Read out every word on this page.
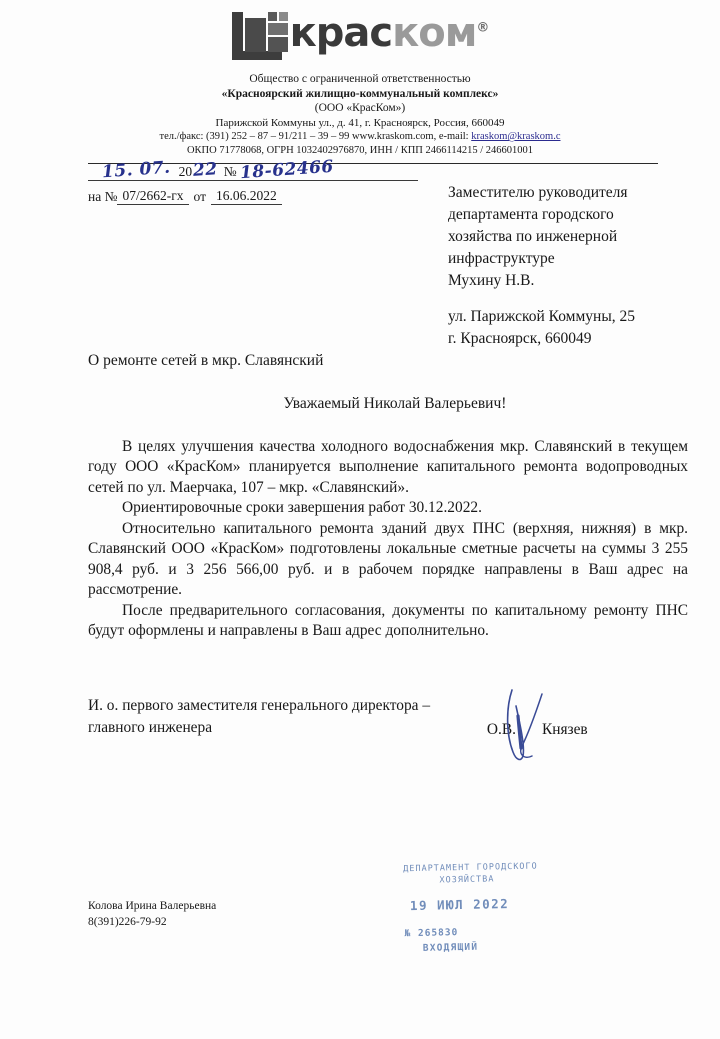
краском®
Общество с ограниченной ответственностью
«Красноярский жилищно-коммунальный комплекс»
(ООО «КрасКом»)
Парижской Коммуны ул., д. 41, г. Красноярск, Россия, 660049
тел./факс: (391) 252 – 87 – 91/211 – 39 – 99 www.kraskom.com, e-mail: kraskom@kraskom.c
ОКПО 71778068, ОГРН 1032402976870, ИНН / КПП 2466114215 / 246601001
15. 07. 20 22 № 18-62466
на № 07/2662-гх от 16.06.2022	Заместителю руководителя
департамента городского
хозяйства по инженерной
инфраструктуре
Мухину Н.В.
ул. Парижской Коммуны, 25
г. Красноярск, 660049
О ремонте сетей в мкр. Славянский
Уважаемый Николай Валерьевич!

В целях улучшения качества холодного водоснабжения мкр. Славянский в текущем году ООО «КрасКом» планируется выполнение капитального ремонта водопроводных сетей по ул. Маерчака, 107 – мкр. «Славянский».

Ориентировочные сроки завершения работ 30.12.2022.

Относительно капитального ремонта зданий двух ПНС (верхняя, нижняя) в мкр. Славянский ООО «КрасКом» подготовлены локальные сметные расчеты на суммы 3 255 908,4 руб. и 3 256 566,00 руб. и в рабочем порядке направлены в Ваш адрес на рассмотрение.

После предварительного согласования, документы по капитальному ремонту ПНС будут оформлены и направлены в Ваш адрес дополнительно.

И. о. первого заместителя генерального директора –
главного инженера	О.В. Князев
ДЕПАРТАМЕНТ ГОРОДСКОГО
ХОЗЯЙСТВА
19 ИЮЛ 2022
№ 265830
ВХОДЯЩИЙ
Колова Ирина Валерьевна
8(391)226-79-92
